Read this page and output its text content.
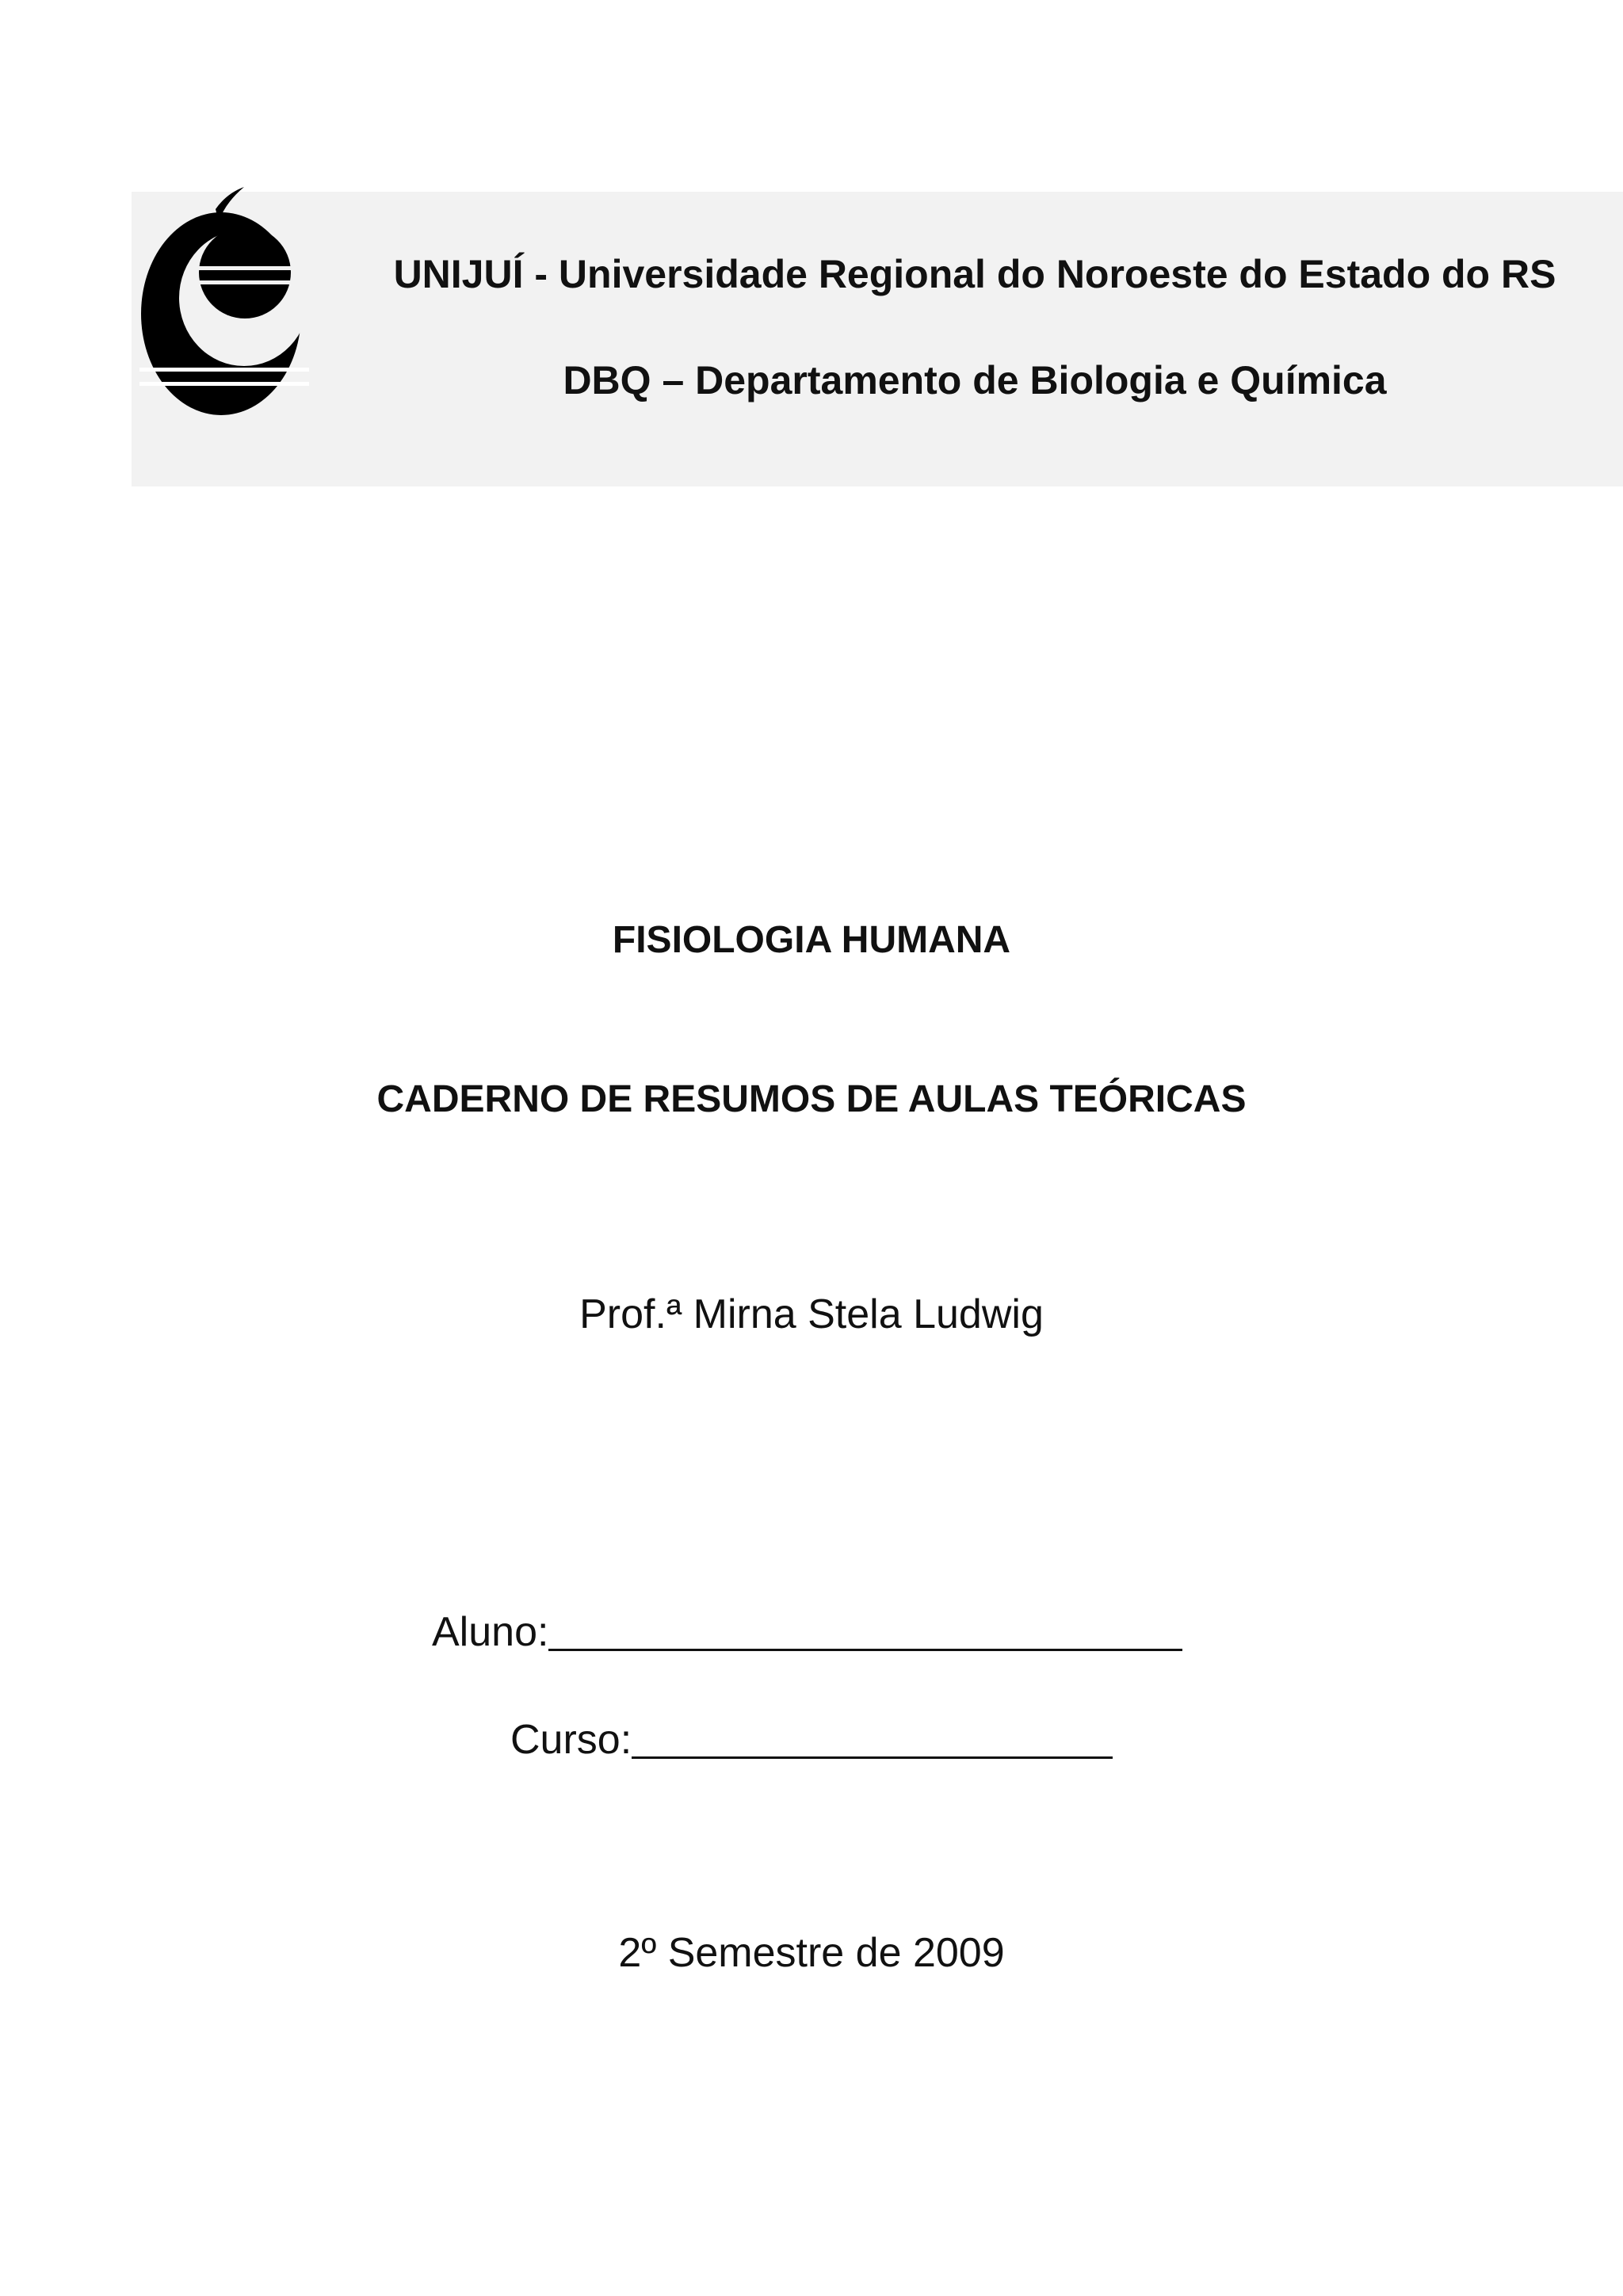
UNIJUÍ - Universidade Regional do Noroeste do Estado do RS
DBQ – Departamento de Biologia e Química
FISIOLOGIA HUMANA
CADERNO DE RESUMOS DE AULAS TEÓRICAS
Prof.ª Mirna Stela Ludwig
Aluno:
Curso:
2º Semestre de 2009
